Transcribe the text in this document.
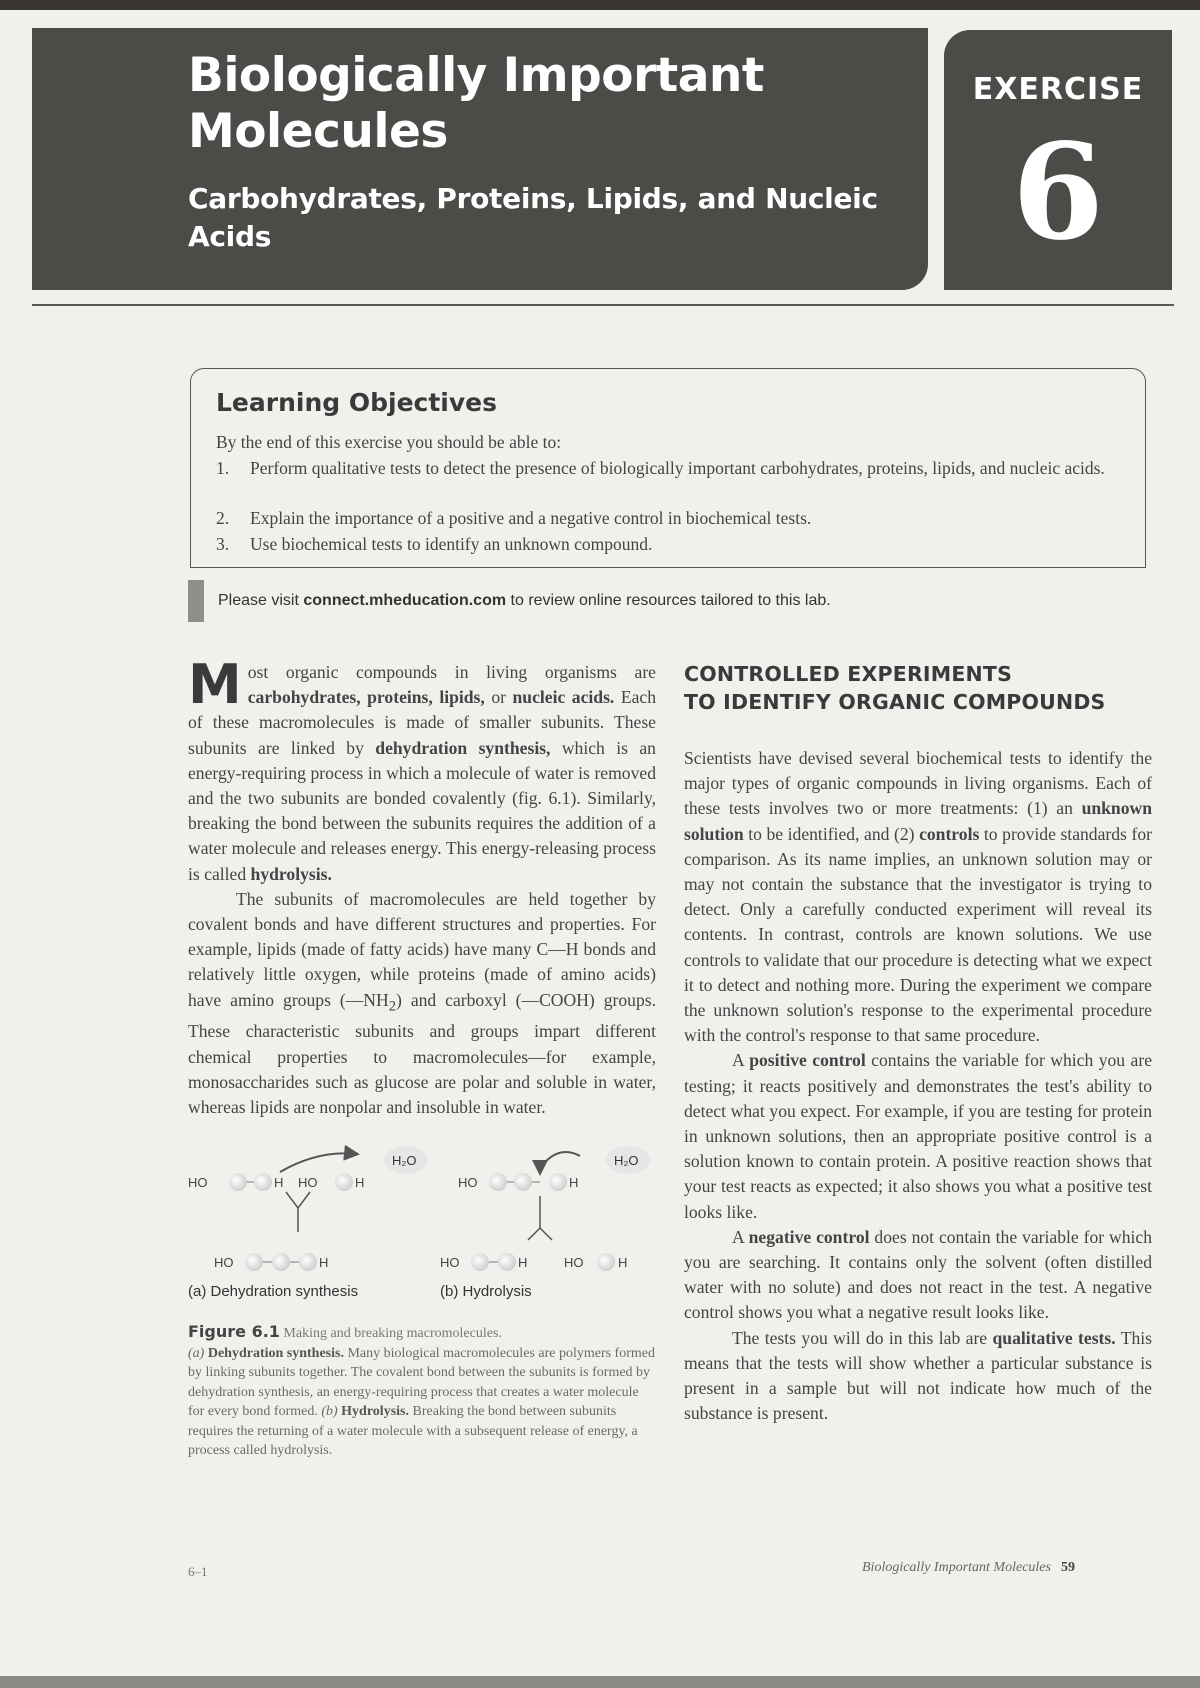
Biologically Important Molecules
Carbohydrates, Proteins, Lipids, and Nucleic Acids
EXERCISE
6
Learning Objectives
By the end of this exercise you should be able to:
1. Perform qualitative tests to detect the presence of biologically important carbohydrates, proteins, lipids, and nucleic acids.
2. Explain the importance of a positive and a negative control in biochemical tests.
3. Use biochemical tests to identify an unknown compound.
Please visit connect.mheducation.com to review online resources tailored to this lab.

Most organic compounds in living organisms are carbohydrates, proteins, lipids, or nucleic acids. Each of these macromolecules is made of smaller subunits. These subunits are linked by dehydration synthesis, which is an energy-requiring process in which a molecule of water is removed and the two subunits are bonded covalently (fig. 6.1). Similarly, breaking the bond between the subunits requires the addition of a water molecule and releases energy. This energy-releasing process is called hydrolysis.

The subunits of macromolecules are held together by covalent bonds and have different structures and properties. For example, lipids (made of fatty acids) have many C—H bonds and relatively little oxygen, while proteins (made of amino acids) have amino groups $(—NH_2)$ and carboxyl (—COOH) groups. These characteristic subunits and groups impart different chemical properties to macromolecules—for example, monosaccharides such as glucose are polar and soluble in water, whereas lipids are nonpolar and insoluble in water.

HO	H HO	H
H₂O
HO	H
HO	H
H₂O
HO	H	HO	H
(a) Dehydration synthesis	(b) Hydrolysis
Figure 6.1 Making and breaking macromolecules.
(a) Dehydration synthesis. Many biological macromolecules are polymers formed by linking subunits together. The covalent bond between the subunits is formed by dehydration synthesis, an energy-requiring process that creates a water molecule for every bond formed. (b) Hydrolysis. Breaking the bond between subunits requires the returning of a water molecule with a subsequent release of energy, a process called hydrolysis.
CONTROLLED EXPERIMENTS
TO IDENTIFY ORGANIC COMPOUNDS

Scientists have devised several biochemical tests to identify the major types of organic compounds in living organisms. Each of these tests involves two or more treatments: (1) an unknown solution to be identified, and (2) controls to provide standards for comparison. As its name implies, an unknown solution may or may not contain the substance that the investigator is trying to detect. Only a carefully conducted experiment will reveal its contents. In contrast, controls are known solutions. We use controls to validate that our procedure is detecting what we expect it to detect and nothing more. During the experiment we compare the unknown solution's response to the experimental procedure with the control's response to that same procedure.

A positive control contains the variable for which you are testing; it reacts positively and demonstrates the test's ability to detect what you expect. For example, if you are testing for protein in unknown solutions, then an appropriate positive control is a solution known to contain protein. A positive reaction shows that your test reacts as expected; it also shows you what a positive test looks like.

A negative control does not contain the variable for which you are searching. It contains only the solvent (often distilled water with no solute) and does not react in the test. A negative control shows you what a negative result looks like.

The tests you will do in this lab are qualitative tests. This means that the tests will show whether a particular substance is present in a sample but will not indicate how much of the substance is present.

6–1	Biologically Important Molecules 59
